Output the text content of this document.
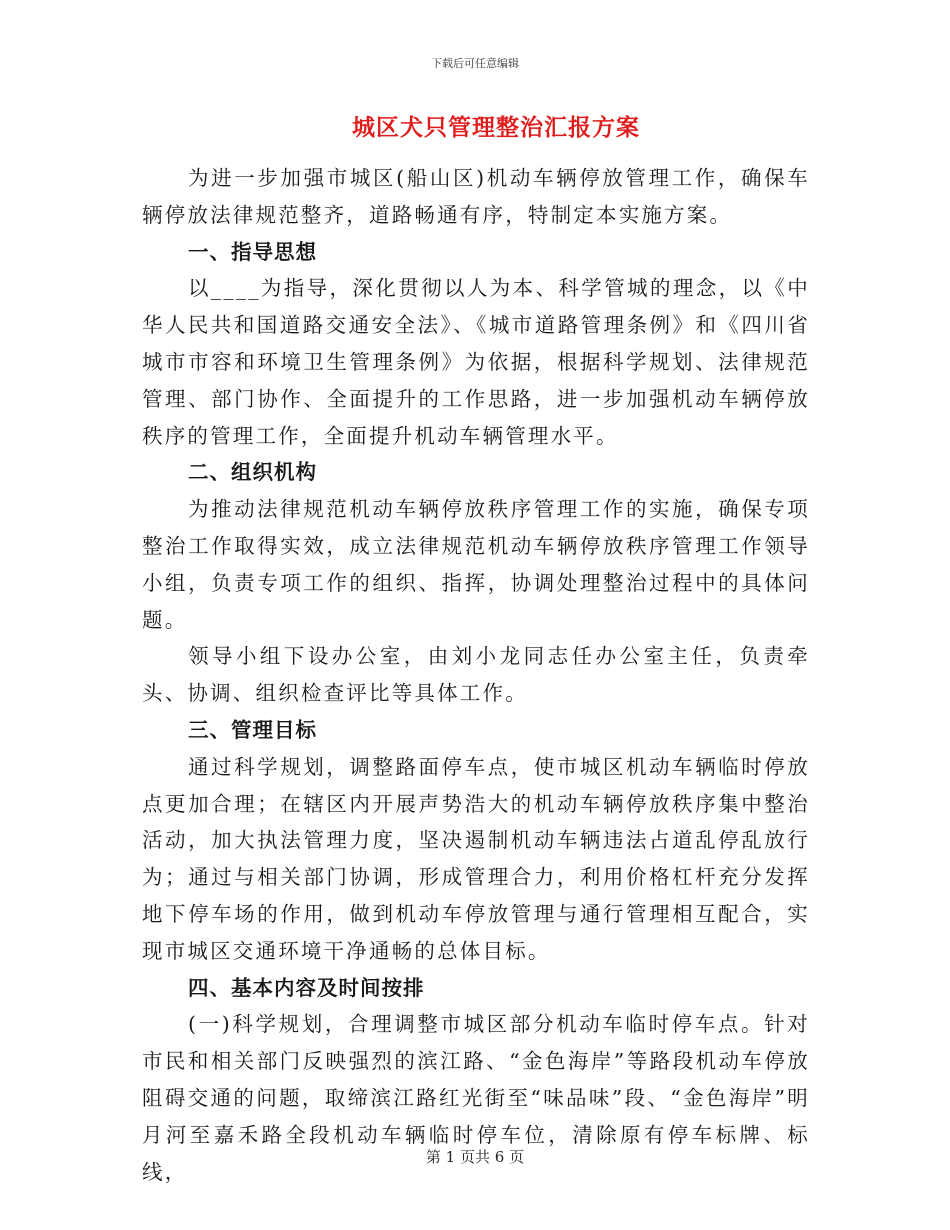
下载后可任意编辑
城区犬只管理整治汇报方案

为进一步加强市城区(船山区)机动车辆停放管理工作，确保车辆停放法律规范整齐，道路畅通有序，特制定本实施方案。

一、指导思想

以____为指导，深化贯彻以人为本、科学管城的理念，以《中华人民共和国道路交通安全法》、《城市道路管理条例》和《四川省城市市容和环境卫生管理条例》为依据，根据科学规划、法律规范管理、部门协作、全面提升的工作思路，进一步加强机动车辆停放秩序的管理工作，全面提升机动车辆管理水平。

二、组织机构

为推动法律规范机动车辆停放秩序管理工作的实施，确保专项整治工作取得实效，成立法律规范机动车辆停放秩序管理工作领导小组，负责专项工作的组织、指挥，协调处理整治过程中的具体问题。

领导小组下设办公室，由刘小龙同志任办公室主任，负责牵头、协调、组织检查评比等具体工作。

三、管理目标

通过科学规划，调整路面停车点，使市城区机动车辆临时停放点更加合理；在辖区内开展声势浩大的机动车辆停放秩序集中整治活动，加大执法管理力度，坚决遏制机动车辆违法占道乱停乱放行为；通过与相关部门协调，形成管理合力，利用价格杠杆充分发挥地下停车场的作用，做到机动车停放管理与通行管理相互配合，实现市城区交通环境干净通畅的总体目标。

四、基本内容及时间按排

(一)科学规划，合理调整市城区部分机动车临时停车点。针对市民和相关部门反映强烈的滨江路、“金色海岸”等路段机动车停放阻碍交通的问题，取缔滨江路红光街至“味品味”段、“金色海岸”明月河至嘉禾路全段机动车辆临时停车位，清除原有停车标牌、标线，

第 1 页共 6 页
